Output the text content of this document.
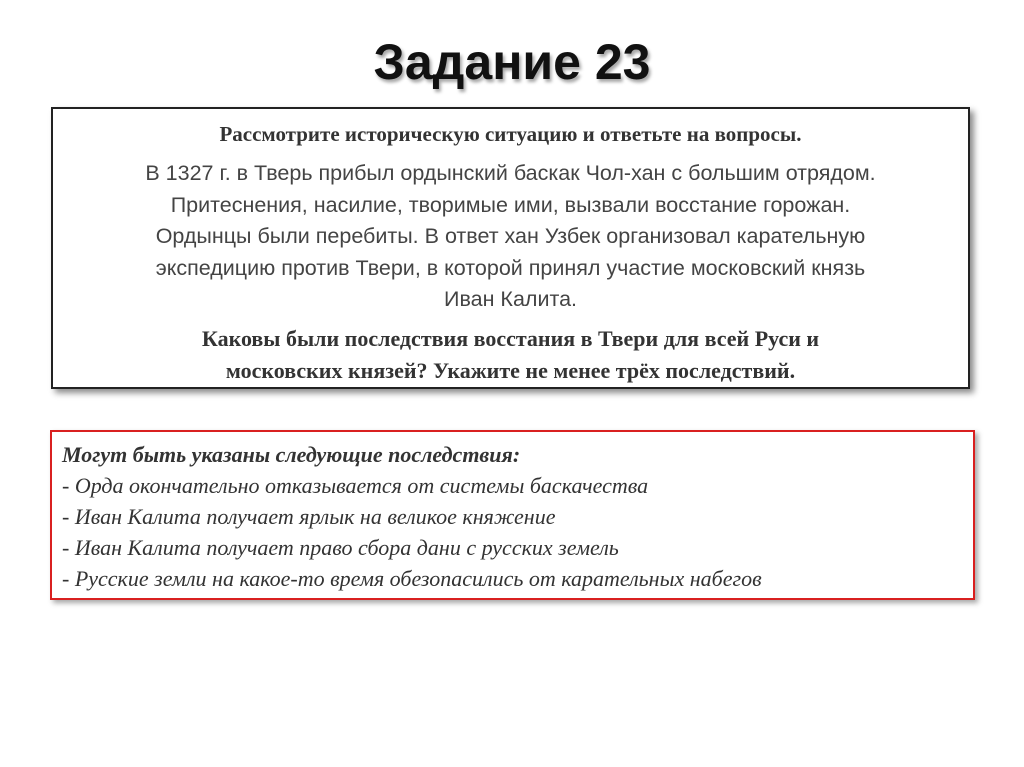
Задание 23
Рассмотрите историческую ситуацию и ответьте на вопросы.
В 1327 г. в Тверь прибыл ордынский баскак Чол-хан с большим отрядом.
Притеснения, насилие, творимые ими, вызвали восстание горожан.
Ордынцы были перебиты. В ответ хан Узбек организовал карательную
экспедицию против Твери, в которой принял участие московский князь
Иван Калита.
Каковы были последствия восстания в Твери для всей Руси и
московских князей? Укажите не менее трёх последствий.

Могут быть указаны следующие последствия:

- Орда окончательно отказывается от системы баскачества

- Иван Калита получает ярлык на великое княжение

- Иван Калита получает право сбора дани с русских земель

- Русские земли на какое-то время обезопасились от карательных набегов
